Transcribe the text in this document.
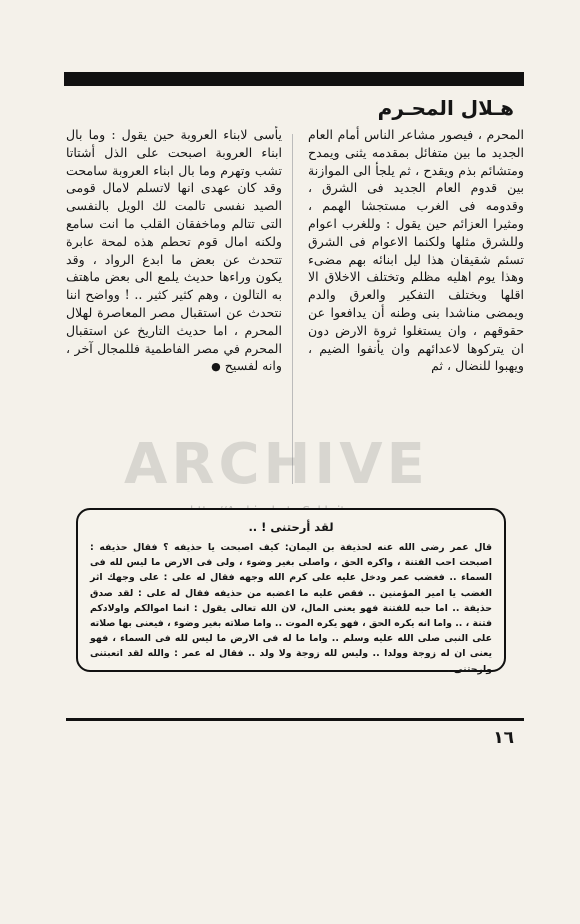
هـلال المحـرم

المحرم ، فيصور مشاعر الناس أمام العام الجديد ما بين متفائل بمقدمه يثنى ويمدح ومتشائم بذم ويقدح ، ثم يلجأ الى الموازنة بين قدوم العام الجديد فى الشرق ، وقدومه فى الغرب مستجشا الهمم ، ومثيرا العزائم حين يقول : وللغرب اعوام وللشرق مثلها ولكنما الاعوام فى الشرق تسئم شقيقان هذا ليل ابنائه بهم مضىء وهذا يوم اهليه مظلم وتختلف الاخلاق الا اقلها وبختلف التفكير والعرق والدم ويمضى مناشدا بنى وطنه أن يدافعوا عن حقوقهم ، وان يستغلوا ثروة الارض دون ان يتركوها لاعدائهم وان يأنفوا الضيم ، ويهبوا للنضال ، ثم

يأسى لابناء العروبة حين يقول : وما بال ابناء العروبة اصبحت على الذل أشتاتا تشب وتهرم وما بال ابناء العروبة سامحت وقد كان عهدى انها لاتسلم لامال قومى الصيد نفسى تالمت لك الويل بالنفسى التى تتالم وماخفقان القلب ما انت سامع ولكنه امال قوم تحطم هذه لمحة عابرة تتحدث عن بعض ما ابدع الرواد ، وقد يكون وراءها حديث يلمع الى بعض ماهتف به التالون ، وهم كثير كثير .. ! وواضح اننا نتحدث عن استقبال مصر المعاصرة لهلال المحرم ، اما حديث التاريخ عن استقبال المحرم في مصر الفاطمية فللمجال آخر ، وانه لفسيح ●

ARCHIVE
لقد أرحتنى ! ..

قال عمر رضى الله عنه لحذيفة بن اليمان: كيف اصبحت يا حذيفه ؟ فقال حذيفه : اصبحت احب الفتنة ، واكره الحق ، واصلى بغير وضوء ، ولى فى الارض ما ليس لله فى السماء .. فغضب عمر ودخل عليه على كرم الله وجهه فقال له على : على وجهك اثر الغضب يا امير المؤمنين .. فقص عليه ما اغضبه من حذيفه فقال له على : لقد صدق حذيفة .. اما حبه للفتنة فهو يعنى المال، لان الله تعالى يقول : انما اموالكم واولادكم فتنة ، .. واما انه يكره الحق ، فهو يكره الموت .. واما صلاته بغير وضوء ، فيعنى بها صلاته على النبى صلى الله عليه وسلم .. واما ما له فى الارض ما ليس لله فى السماء ، فهو يعنى ان له زوجة وولدا .. وليس لله زوجة ولا ولد .. فقال له عمر : والله لقد اتعبتنى وارحتنى .

١٦
